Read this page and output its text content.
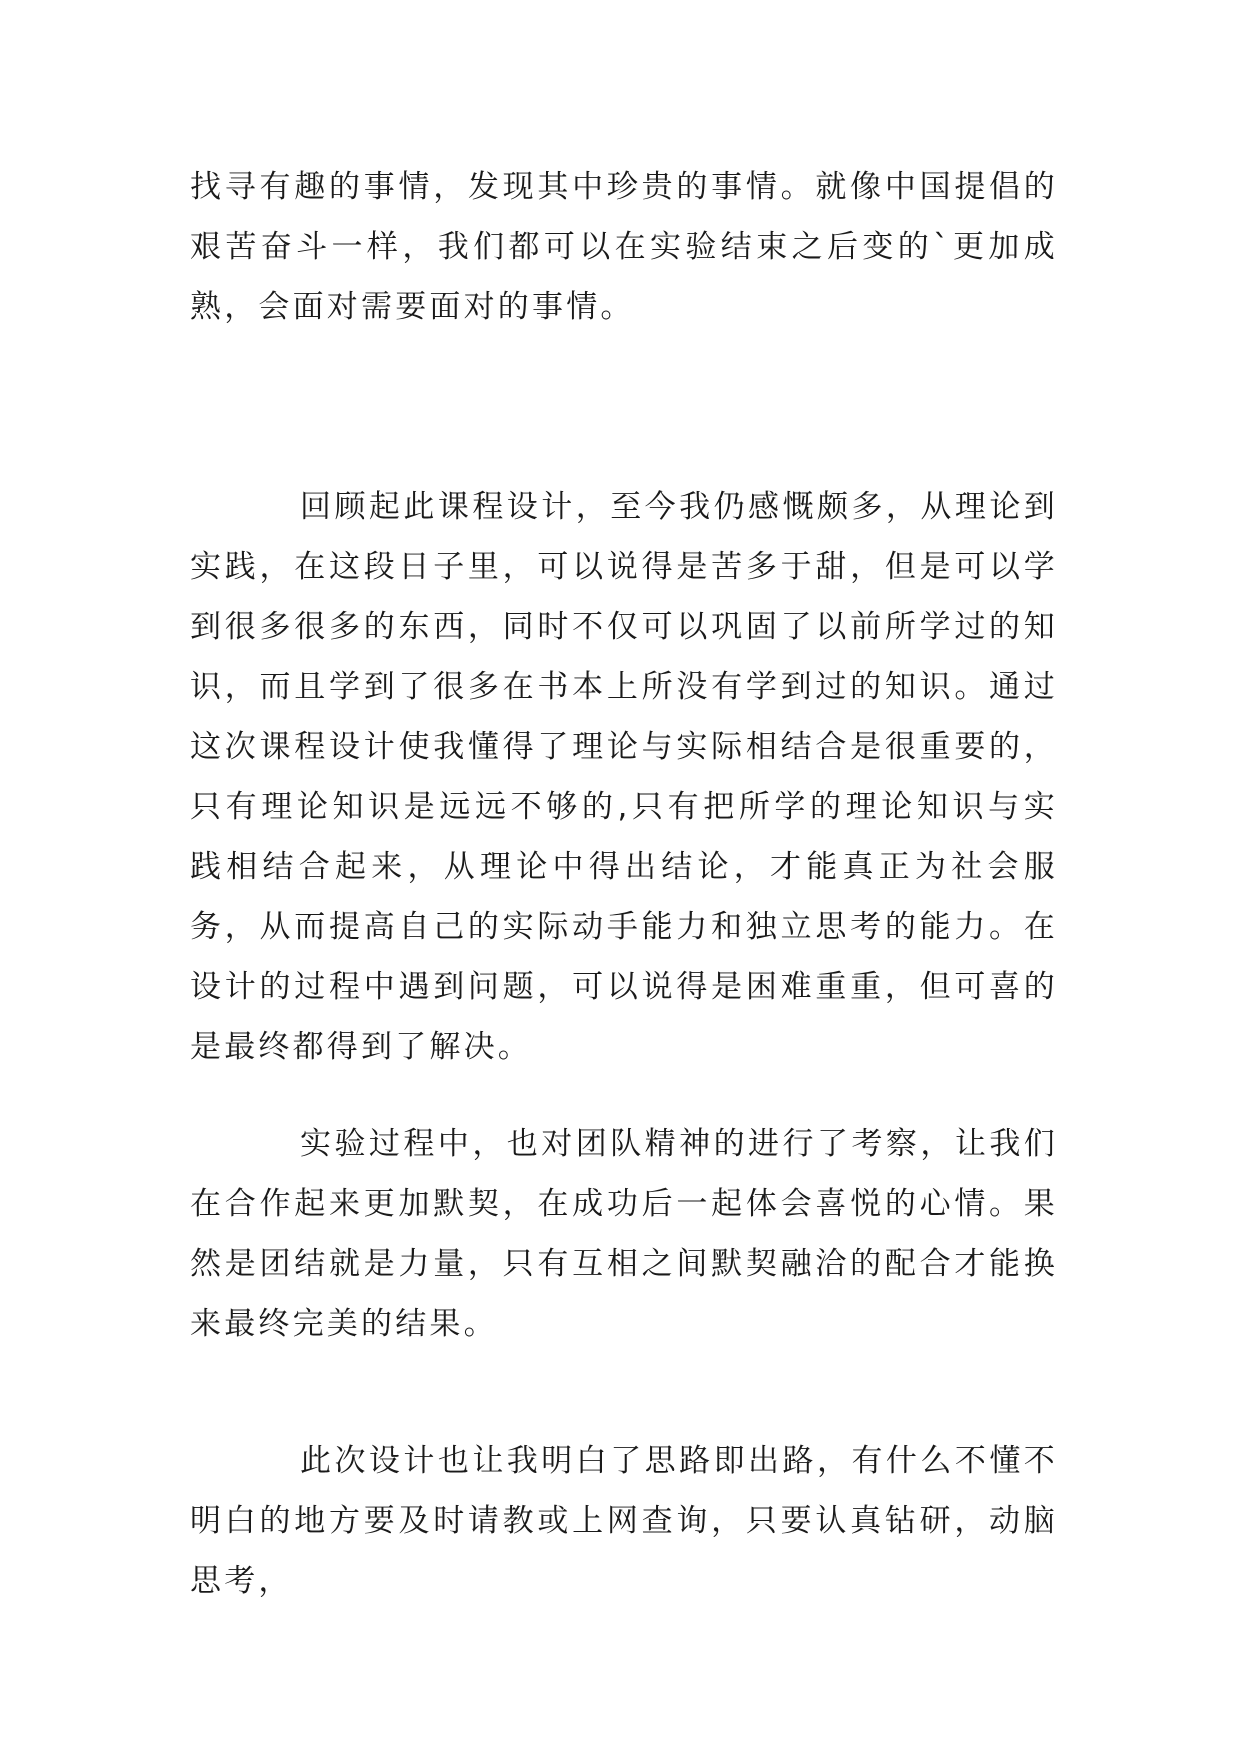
找寻有趣的事情，发现其中珍贵的事情。就像中国提倡的艰苦奋斗一样，我们都可以在实验结束之后变的`更加成熟，会面对需要面对的事情。

回顾起此课程设计，至今我仍感慨颇多，从理论到实践，在这段日子里，可以说得是苦多于甜，但是可以学到很多很多的东西，同时不仅可以巩固了以前所学过的知识，而且学到了很多在书本上所没有学到过的知识。通过这次课程设计使我懂得了理论与实际相结合是很重要的，只有理论知识是远远不够的,只有把所学的理论知识与实践相结合起来，从理论中得出结论，才能真正为社会服务，从而提高自己的实际动手能力和独立思考的能力。在设计的过程中遇到问题，可以说得是困难重重，但可喜的是最终都得到了解决。

实验过程中，也对团队精神的进行了考察，让我们在合作起来更加默契，在成功后一起体会喜悦的心情。果然是团结就是力量，只有互相之间默契融洽的配合才能换来最终完美的结果。

此次设计也让我明白了思路即出路，有什么不懂不明白的地方要及时请教或上网查询，只要认真钻研，动脑思考，
